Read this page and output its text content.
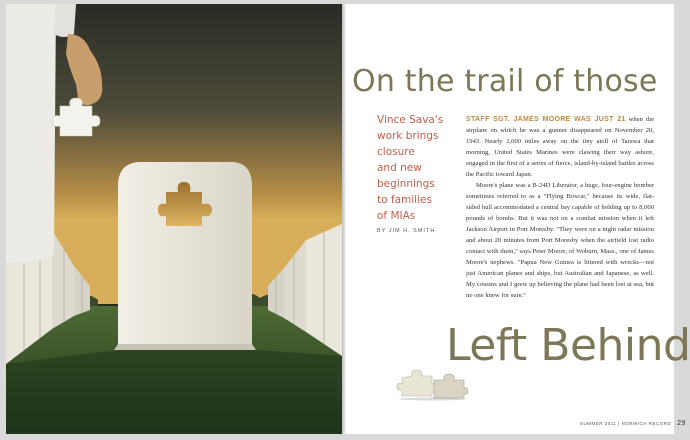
M. Mcdonald
On the trail of those
Vince Sava's
work brings
closure
and new
beginnings
to families
of MIAs
BY JIM H. SMITH

STAFF SGT. JAMES MOORE WAS JUST 21 when the airplane on which he was a gunner disappeared on November 20, 1943. Nearly 2,000 miles away on the tiny atoll of Tarawa that morning, United States Marines were clawing their way ashore, engaged in the first of a series of fierce, island-by-island battles across the Pacific toward Japan.

Moore's plane was a B-24D Liberator, a huge, four-engine bomber sometimes referred to as a "Flying Boxcar," because its wide, flat-sided hull accommodated a central bay capable of holding up to 8,000 pounds of bombs. But it was not on a combat mission when it left Jackson Airport in Port Moresby. "They were on a night radar mission and about 20 minutes from Port Moresby when the airfield lost radio contact with them," says Peter Moore, of Woburn, Mass., one of James Moore's nephews. "Papua New Guinea is littered with wrecks—not just American planes and ships, but Australian and Japanese, as well. My cousins and I grew up believing the plane had been lost at sea, but no one knew for sure."

Left Behind
SUMMER 2011 | NORWICH RECORD 29
